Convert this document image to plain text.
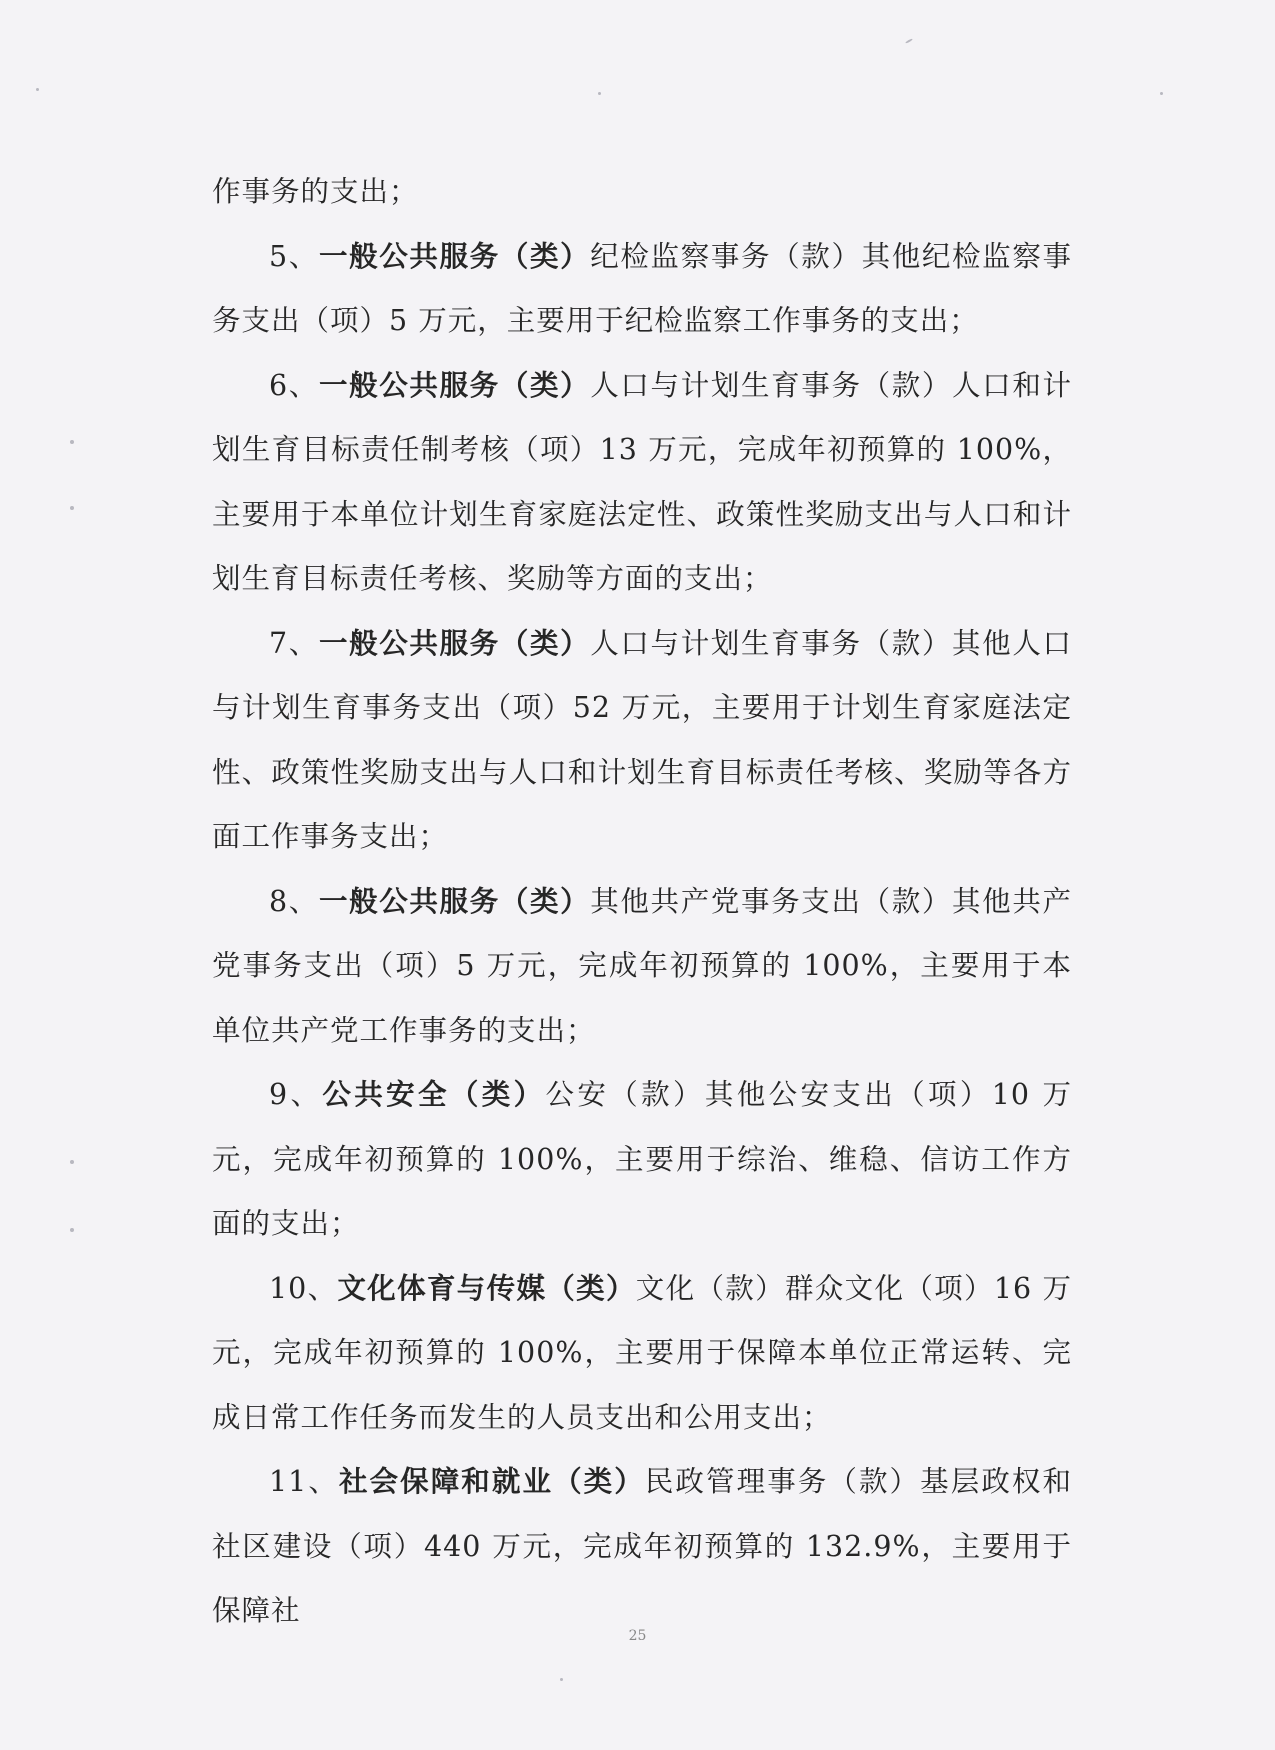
作事务的支出；

5、一般公共服务（类）纪检监察事务（款）其他纪检监察事务支出（项）5 万元，主要用于纪检监察工作事务的支出；

6、一般公共服务（类）人口与计划生育事务（款）人口和计划生育目标责任制考核（项）13 万元，完成年初预算的 100%，主要用于本单位计划生育家庭法定性、政策性奖励支出与人口和计划生育目标责任考核、奖励等方面的支出；

7、一般公共服务（类）人口与计划生育事务（款）其他人口与计划生育事务支出（项）52 万元，主要用于计划生育家庭法定性、政策性奖励支出与人口和计划生育目标责任考核、奖励等各方面工作事务支出；

8、一般公共服务（类）其他共产党事务支出（款）其他共产党事务支出（项）5 万元，完成年初预算的 100%，主要用于本单位共产党工作事务的支出；

9、公共安全（类）公安（款）其他公安支出（项）10 万元，完成年初预算的 100%，主要用于综治、维稳、信访工作方面的支出；

10、文化体育与传媒（类）文化（款）群众文化（项）16 万元，完成年初预算的 100%，主要用于保障本单位正常运转、完成日常工作任务而发生的人员支出和公用支出；

11、社会保障和就业（类）民政管理事务（款）基层政权和社区建设（项）440 万元，完成年初预算的 132.9%，主要用于保障社

25
